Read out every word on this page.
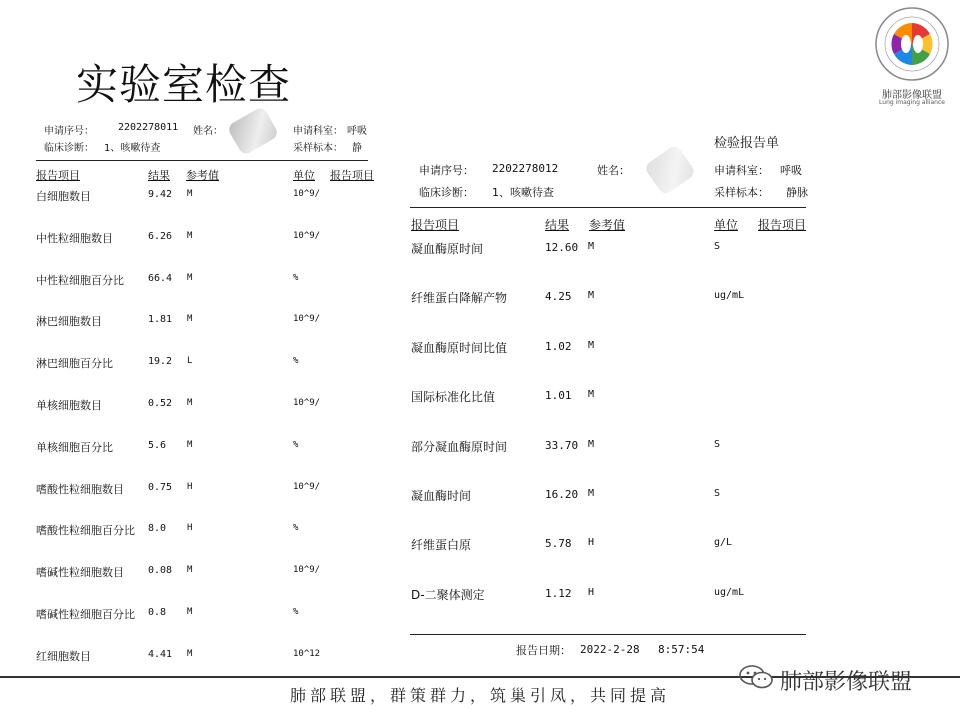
实验室检查	肺部影像联盟
Lung imaging alliance
申请序号： 2202278011 姓名：	申请科室： 呼吸
临床诊断： 1、咳嗽待查	采样标本： 静
报告项目	结果 参考值	单位 报告项目
白细胞数目	9.42 M	10^9/
中性粒细胞数目	6.26 M	10^9/
中性粒细胞百分比 66.4 M	%
淋巴细胞数目	1.81 M	10^9/
淋巴细胞百分比	19.2 L	%
单核细胞数目	0.52 M	10^9/
单核细胞百分比	5.6 M	%
嗜酸性粒细胞数目 0.75 H	10^9/
嗜酸性粒细胞百分比 8.0 H	%
嗜碱性粒细胞数目 0.08 M	10^9/
嗜碱性粒细胞百分比 0.8 M	%
红细胞数目	4.41 M	10^12
检验报告单
申请序号： 2202278012	姓名：	申请科室： 呼吸
临床诊断： 1、咳嗽待查	采样标本： 静脉
报告项目	结果 参考值	单位 报告项目
凝血酶原时间	12.60 M	S
纤维蛋白降解产物	4.25 M	ug/mL
凝血酶原时间比值	1.02 M
国际标准化比值	1.01 M
部分凝血酶原时间	33.70 M	S
凝血酶时间	16.20 M	S
纤维蛋白原	5.78 H	g/L
D-二聚体测定	1.12 H	ug/mL
报告日期： 2022-2-28 8:57:54
肺部联盟，群策群力，筑巢引凤，共同提高
肺部影像联盟
